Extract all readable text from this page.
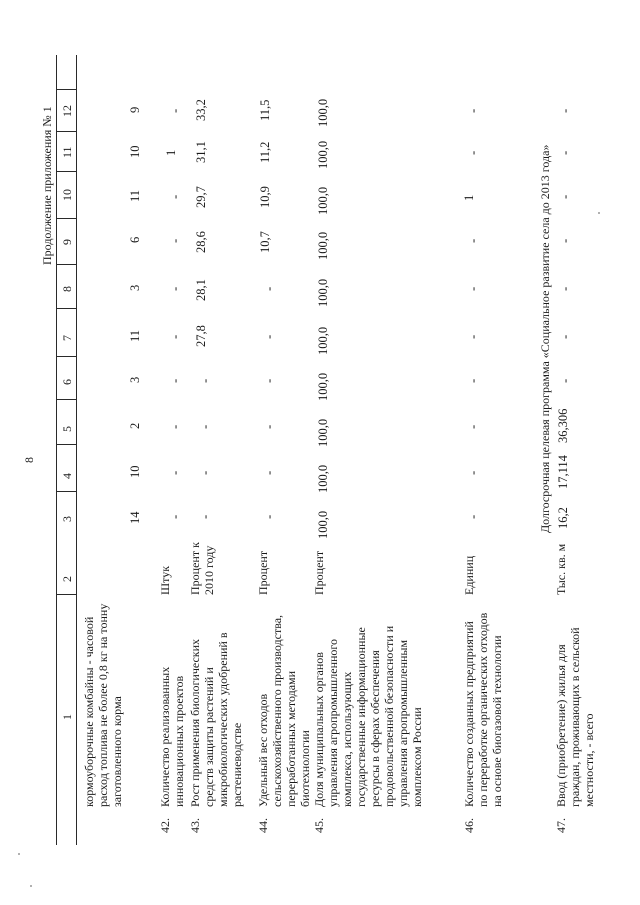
8
Продолжение приложения № 1
1
2
3
4
5
6
7
8
9
10
11
12
кормоуборочные комбайны - часовой расход топлива не более 0,8 кг на тонну заготовленного корма
14
10
2
3
11
3
6
11
10
9
42.
Количество реализованных инновационных проектов
Штук
-
-
-
-
-
-
-
-
1
-
43.
Рост применения биологических средств защиты растений и микробиологических удобрений в растениеводстве
Процент к 2010 году
-
-
-
-
27,8
28,1
28,6
29,7
31,1
33,2
44.
Удельный вес отходов сельскохозяйственного производства, переработанных методами биотехнологии
Процент
-
-
-
-
-
-
10,7
10,9
11,2
11,5
45.
Доля муниципальных органов управления агропромышленного комплекса, использующих государственные информационные ресурсы в сферах обеспечения продовольственной безопасности и управления агропромышленным комплексом России
Процент
100,0
100,0
100,0
100,0
100,0
100,0
100,0
100,0
100,0
100,0
46.
Количество созданных предприятий по переработке органических отходов на основе биогазовой технологии
Единиц
-
-
-
-
-
-
-
1
-
-
Долгосрочная целевая программа «Социальное развитие села до 2013 года»
47.
Ввод (приобретение) жилья для граждан, проживающих в сельской местности, - всего
Тыс. кв. м
16,2
17,114
36,306
-
-
-
-
-
-
-
